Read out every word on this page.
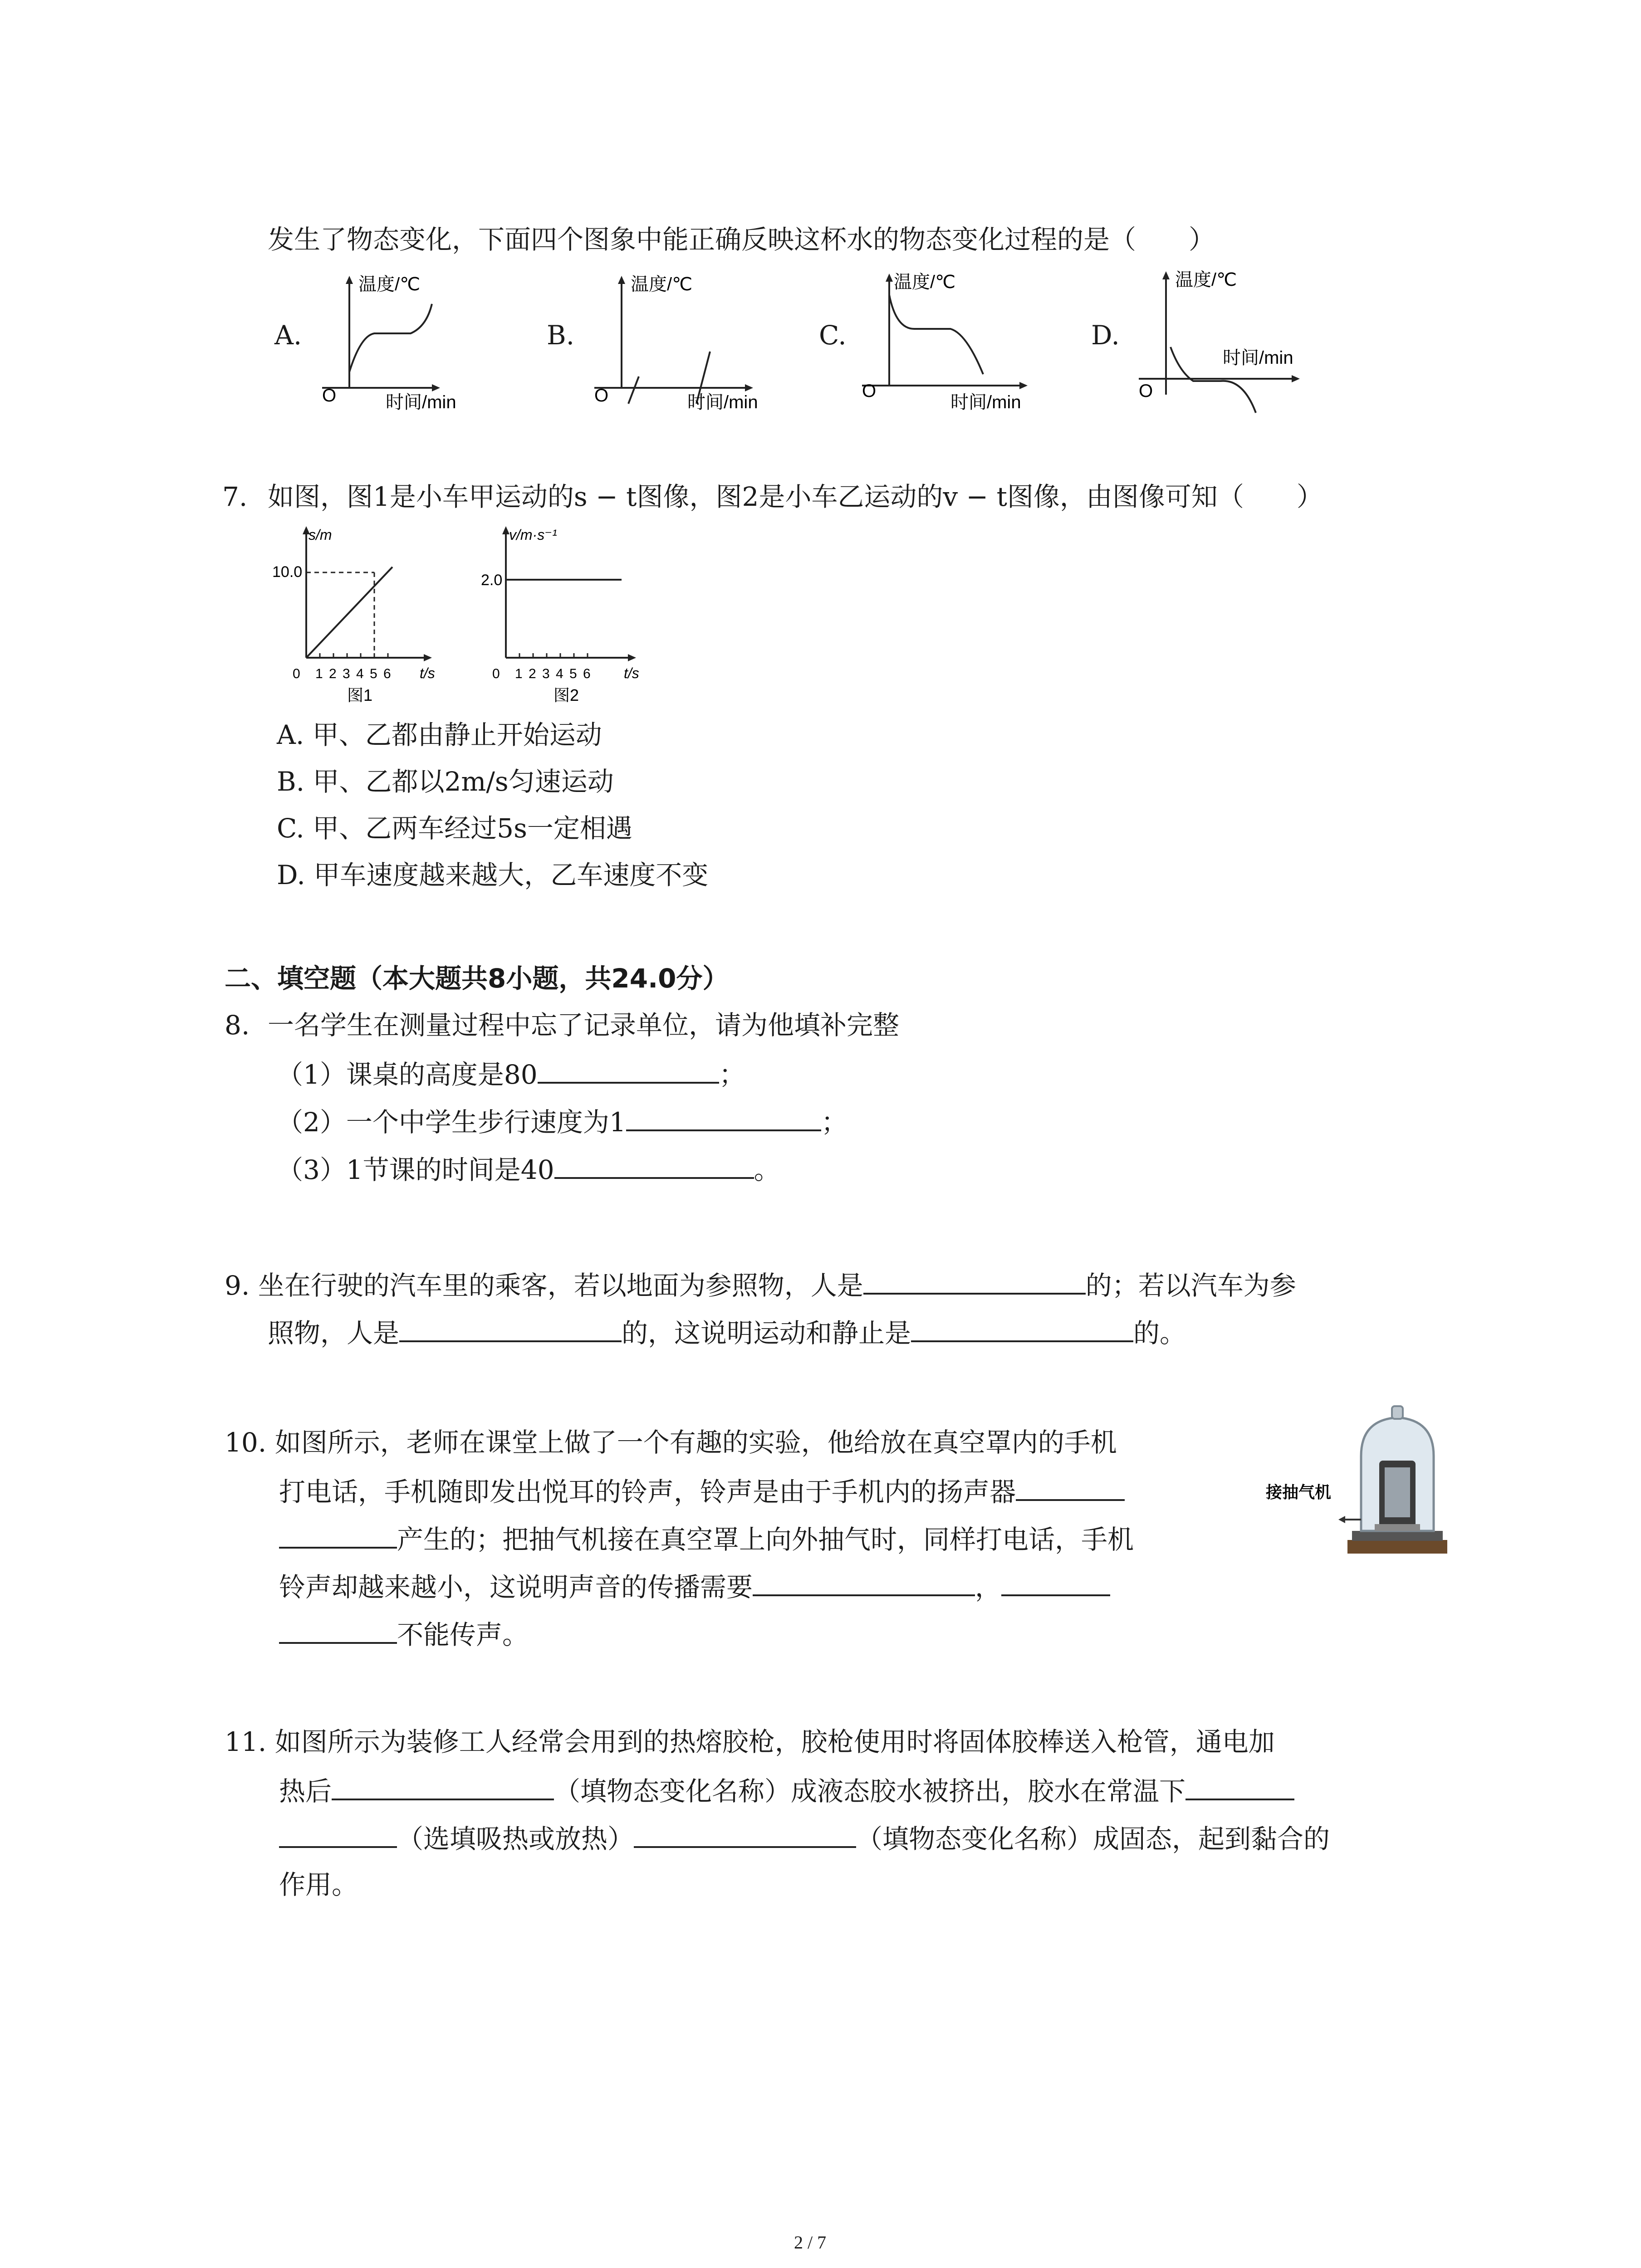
发生了物态变化，下面四个图象中能正确反映这杯水的物态变化过程的是（　　）
A.
温度/℃
时间/min
O
B.
温度/℃
时间/min
O
C.
温度/℃
时间/min
O
D.
温度/℃
时间/min
O
7. 如图，图1是小车甲运动的s − t图像，图2是小车乙运动的v − t图像，由图像可知（　　）
10.0
s/m
t/s
0 1 2 3 4 5 6
图1
2.0
v/m·s⁻¹
t/s
0 1 2 3 4 5 6
图2
A. 甲、乙都由静止开始运动
B. 甲、乙都以2m/s匀速运动
C. 甲、乙两车经过5s一定相遇
D. 甲车速度越来越大，乙车速度不变
二、填空题（本大题共8小题，共24.0分）
8. 一名学生在测量过程中忘了记录单位，请为他填补完整
（1）课桌的高度是80	；
（2）一个中学生步行速度为1	；
（3）1节课的时间是40	。
9. 坐在行驶的汽车里的乘客，若以地面为参照物，人是	的；若以汽车为参
照物，人是	的，这说明运动和静止是	的。
10. 如图所示，老师在课堂上做了一个有趣的实验，他给放在真空罩内的手机
打电话，手机随即发出悦耳的铃声，铃声是由于手机内的扬声器
产生的；把抽气机接在真空罩上向外抽气时，同样打电话，手机
铃声却越来越小，这说明声音的传播需要	，
不能传声。
接抽气机
11. 如图所示为装修工人经常会用到的热熔胶枪，胶枪使用时将固体胶棒送入枪管，通电加
热后	（填物态变化名称）成液态胶水被挤出，胶水在常温下
（选填吸热或放热）	（填物态变化名称）成固态，起到黏合的
作用。
2 / 7
